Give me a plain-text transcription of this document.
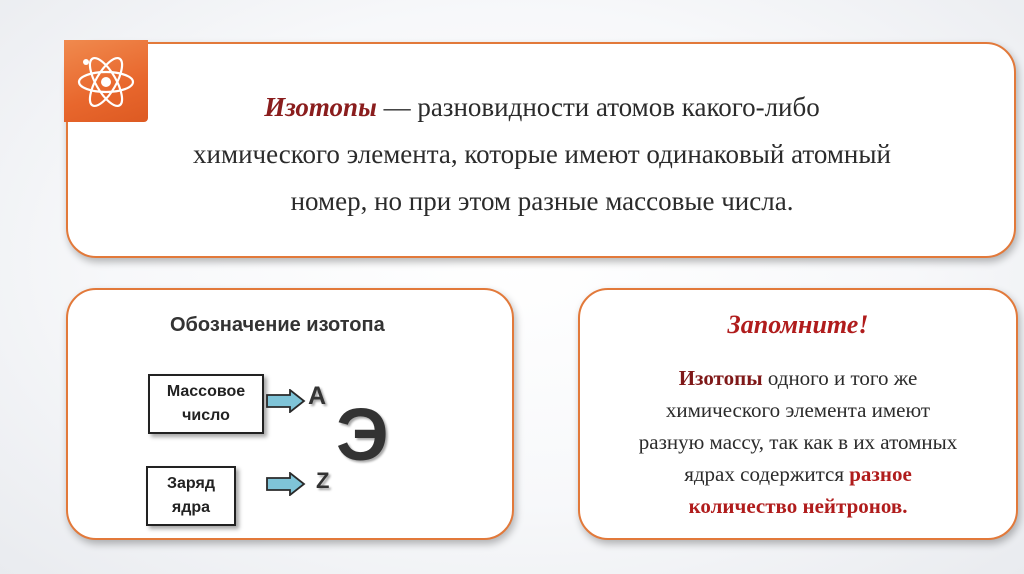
Изотопы — разновидности атомов какого-либо
химического элемента, которые имеют одинаковый атомный
номер, но при этом разные массовые числа.
Обозначение изотопа
Массовое
число
A
Заряд
ядра
Z
Э
Запомните!
Изотопы одного и того же
химического элемента имеют
разную массу, так как в их атомных
ядрах содержится разное
количество нейтронов.
